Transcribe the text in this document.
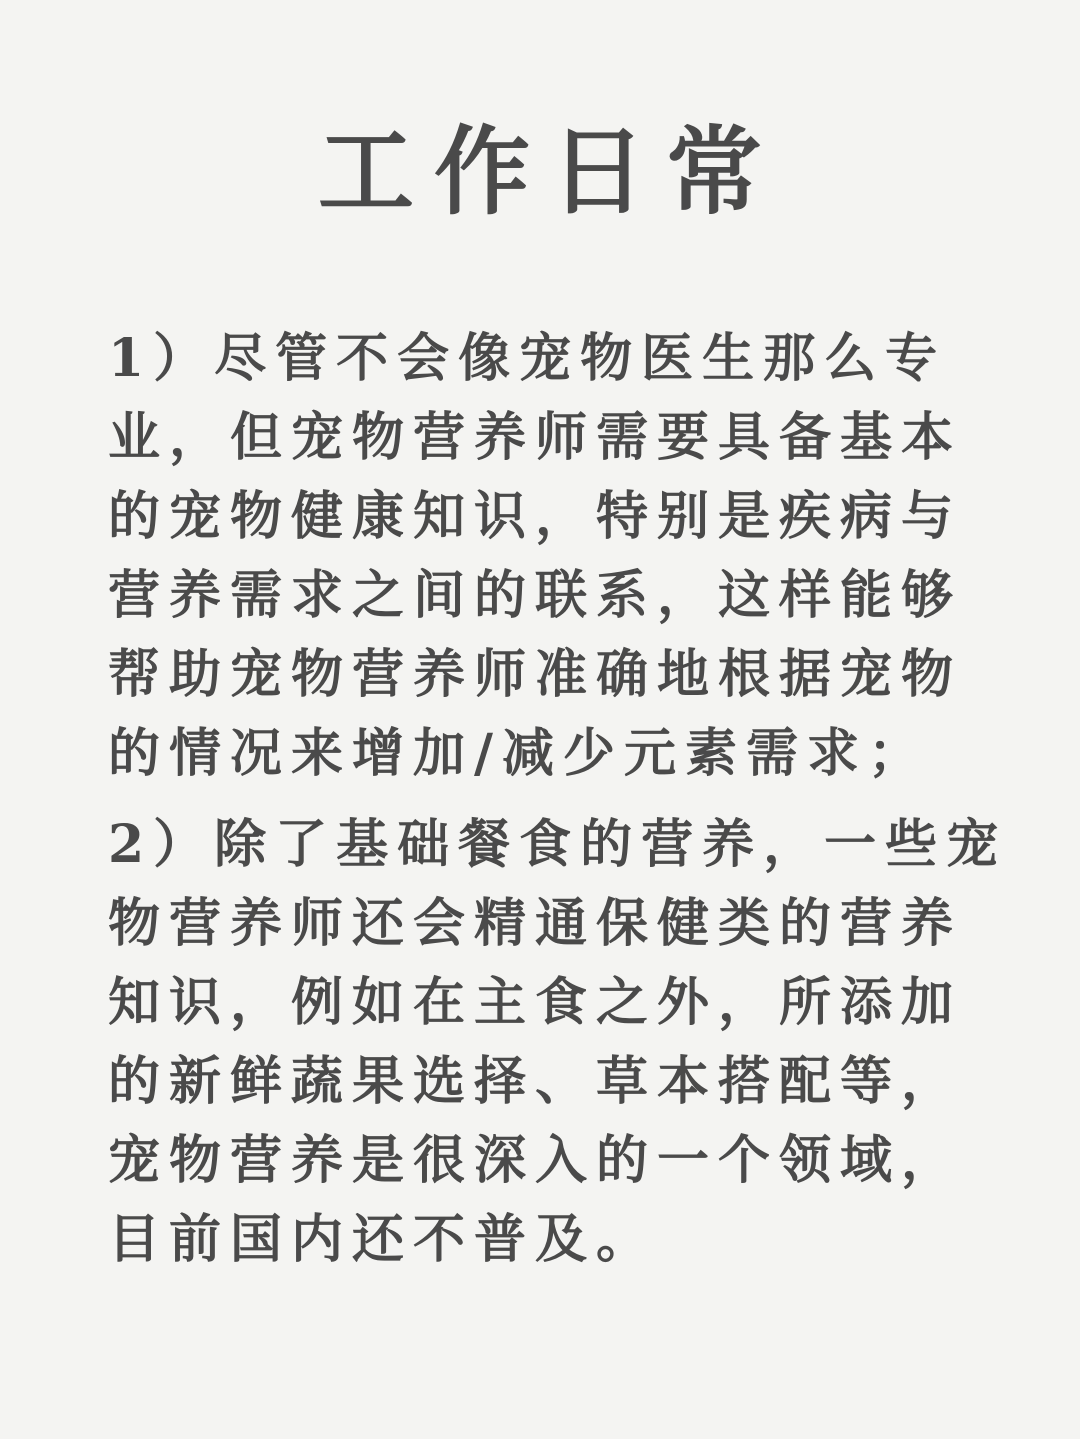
工作日常

1）尽管不会像宠物医生那么专
业，但宠物营养师需要具备基本
的宠物健康知识，特别是疾病与
营养需求之间的联系，这样能够
帮助宠物营养师准确地根据宠物
的情况来增加/减少元素需求；

2）除了基础餐食的营养，一些宠
物营养师还会精通保健类的营养
知识，例如在主食之外，所添加
的新鲜蔬果选择、草本搭配等，
宠物营养是很深入的一个领域，
目前国内还不普及。
